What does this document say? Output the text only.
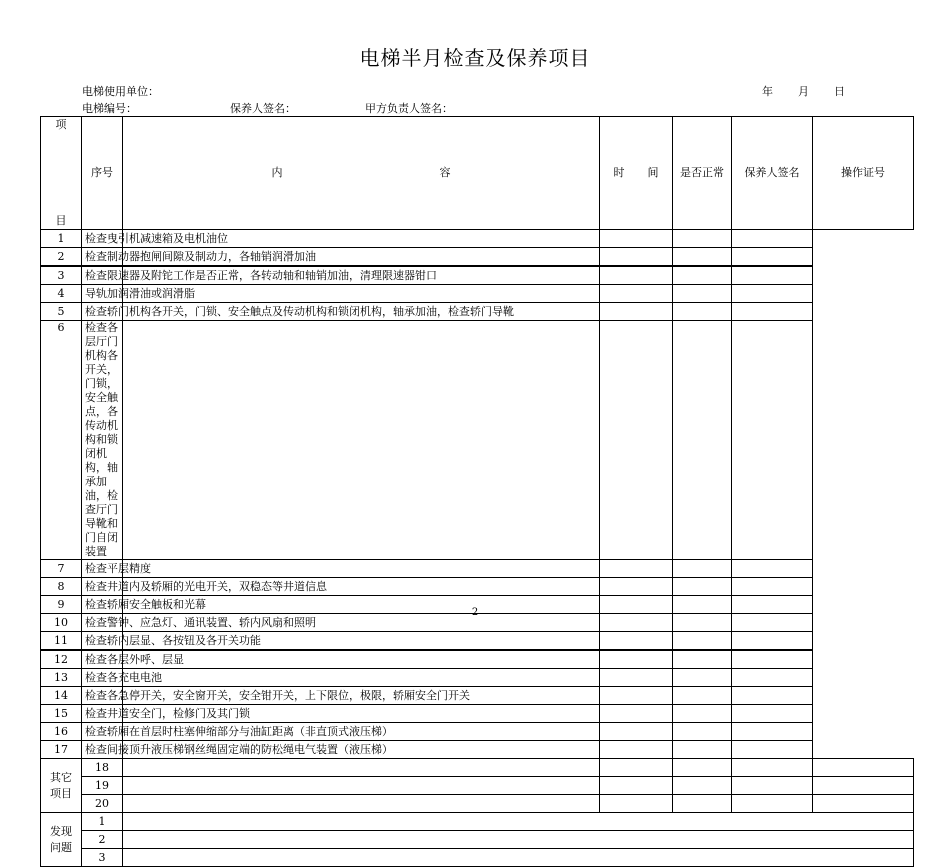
电梯半月检查及保养项目
电梯使用单位：	年 月 日
电梯编号：	保养人签名：	甲方负责人签名：
项
目	序号	内 容	时 间	是否正常	保养人签名	操作证号
1	检查曳引机减速箱及电机油位					
2	检查制动器抱闸间隙及制动力，各轴销润滑加油					
3	检查限速器及附铊工作是否正常，各转动轴和轴销加油，清理限速器钳口					
4	导轨加润滑油或润滑脂					
5	检查轿门机构各开关，门锁、安全触点及传动机构和锁闭机构，轴承加油，检查轿门导靴					
6	检查各层厅门机构各开关，门锁，安全触点，各传动机构和锁闭机构，轴承加油，检查厅门导靴和门自闭装置					
7	检查平层精度					
8	检查井道内及轿厢的光电开关，双稳态等井道信息					
9	检查轿厢安全触板和光幕					
10	检查警钟、应急灯、通讯装置、轿内风扇和照明					
11	检查轿内层显、各按钮及各开关功能					
12	检查各层外呼、层显					
13	检查各充电电池					
14	检查各急停开关，安全窗开关，安全钳开关，上下限位，极限，轿厢安全门开关					
15	检查井道安全门，检修门及其门锁					
16	检查轿厢在首层时柱塞伸缩部分与油缸距离（非直顶式液压梯）					
17	检查间接顶升液压梯钢丝绳固定端的防松绳电气装置（液压梯）					

其它
项目	18					
	19					
	20					

发现
问题	1					
	2					
	3					
2
